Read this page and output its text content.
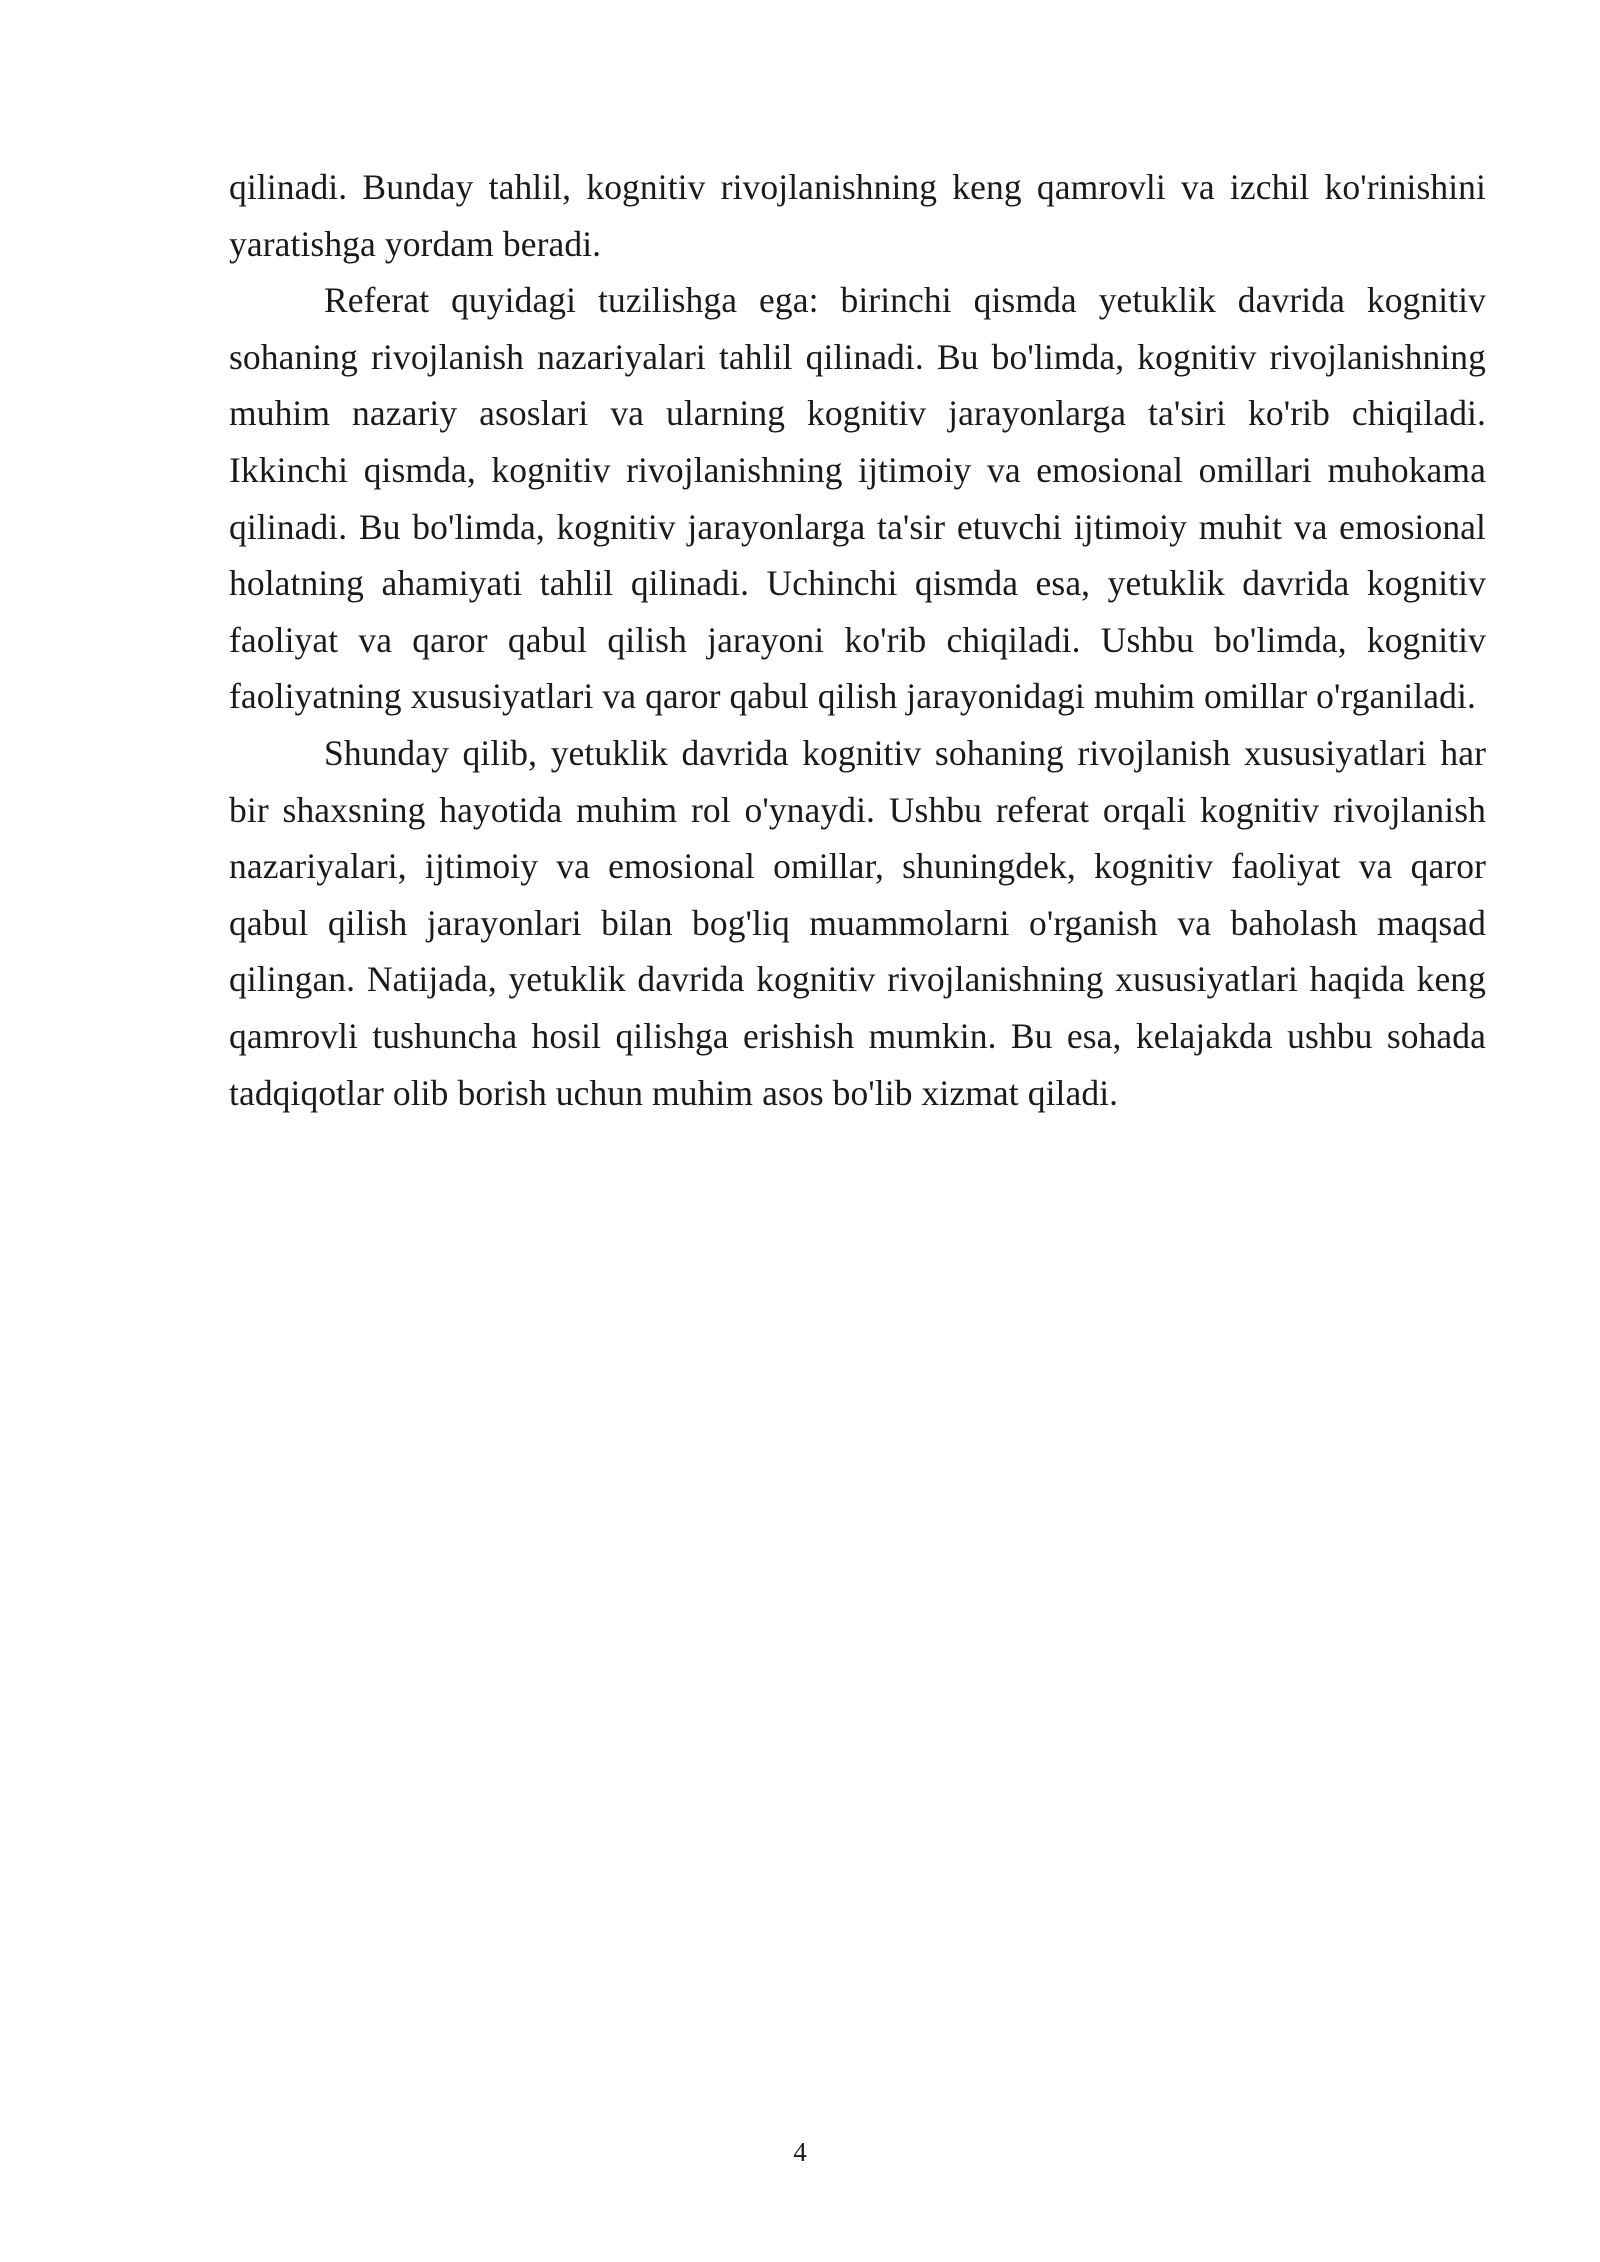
qilinadi. Bunday tahlil, kognitiv rivojlanishning keng qamrovli va izchil ko'rinishini yaratishga yordam beradi.

Referat quyidagi tuzilishga ega: birinchi qismda yetuklik davrida kognitiv sohaning rivojlanish nazariyalari tahlil qilinadi. Bu bo'limda, kognitiv rivojlanishning muhim nazariy asoslari va ularning kognitiv jarayonlarga ta'siri ko'rib chiqiladi. Ikkinchi qismda, kognitiv rivojlanishning ijtimoiy va emosional omillari muhokama qilinadi. Bu bo'limda, kognitiv jarayonlarga ta'sir etuvchi ijtimoiy muhit va emosional holatning ahamiyati tahlil qilinadi. Uchinchi qismda esa, yetuklik davrida kognitiv faoliyat va qaror qabul qilish jarayoni ko'rib chiqiladi. Ushbu bo'limda, kognitiv faoliyatning xususiyatlari va qaror qabul qilish jarayonidagi muhim omillar o'rganiladi.

Shunday qilib, yetuklik davrida kognitiv sohaning rivojlanish xususiyatlari har bir shaxsning hayotida muhim rol o'ynaydi. Ushbu referat orqali kognitiv rivojlanish nazariyalari, ijtimoiy va emosional omillar, shuningdek, kognitiv faoliyat va qaror qabul qilish jarayonlari bilan bog'liq muammolarni o'rganish va baholash maqsad qilingan. Natijada, yetuklik davrida kognitiv rivojlanishning xususiyatlari haqida keng qamrovli tushuncha hosil qilishga erishish mumkin. Bu esa, kelajakda ushbu sohada tadqiqotlar olib borish uchun muhim asos bo'lib xizmat qiladi.

4
